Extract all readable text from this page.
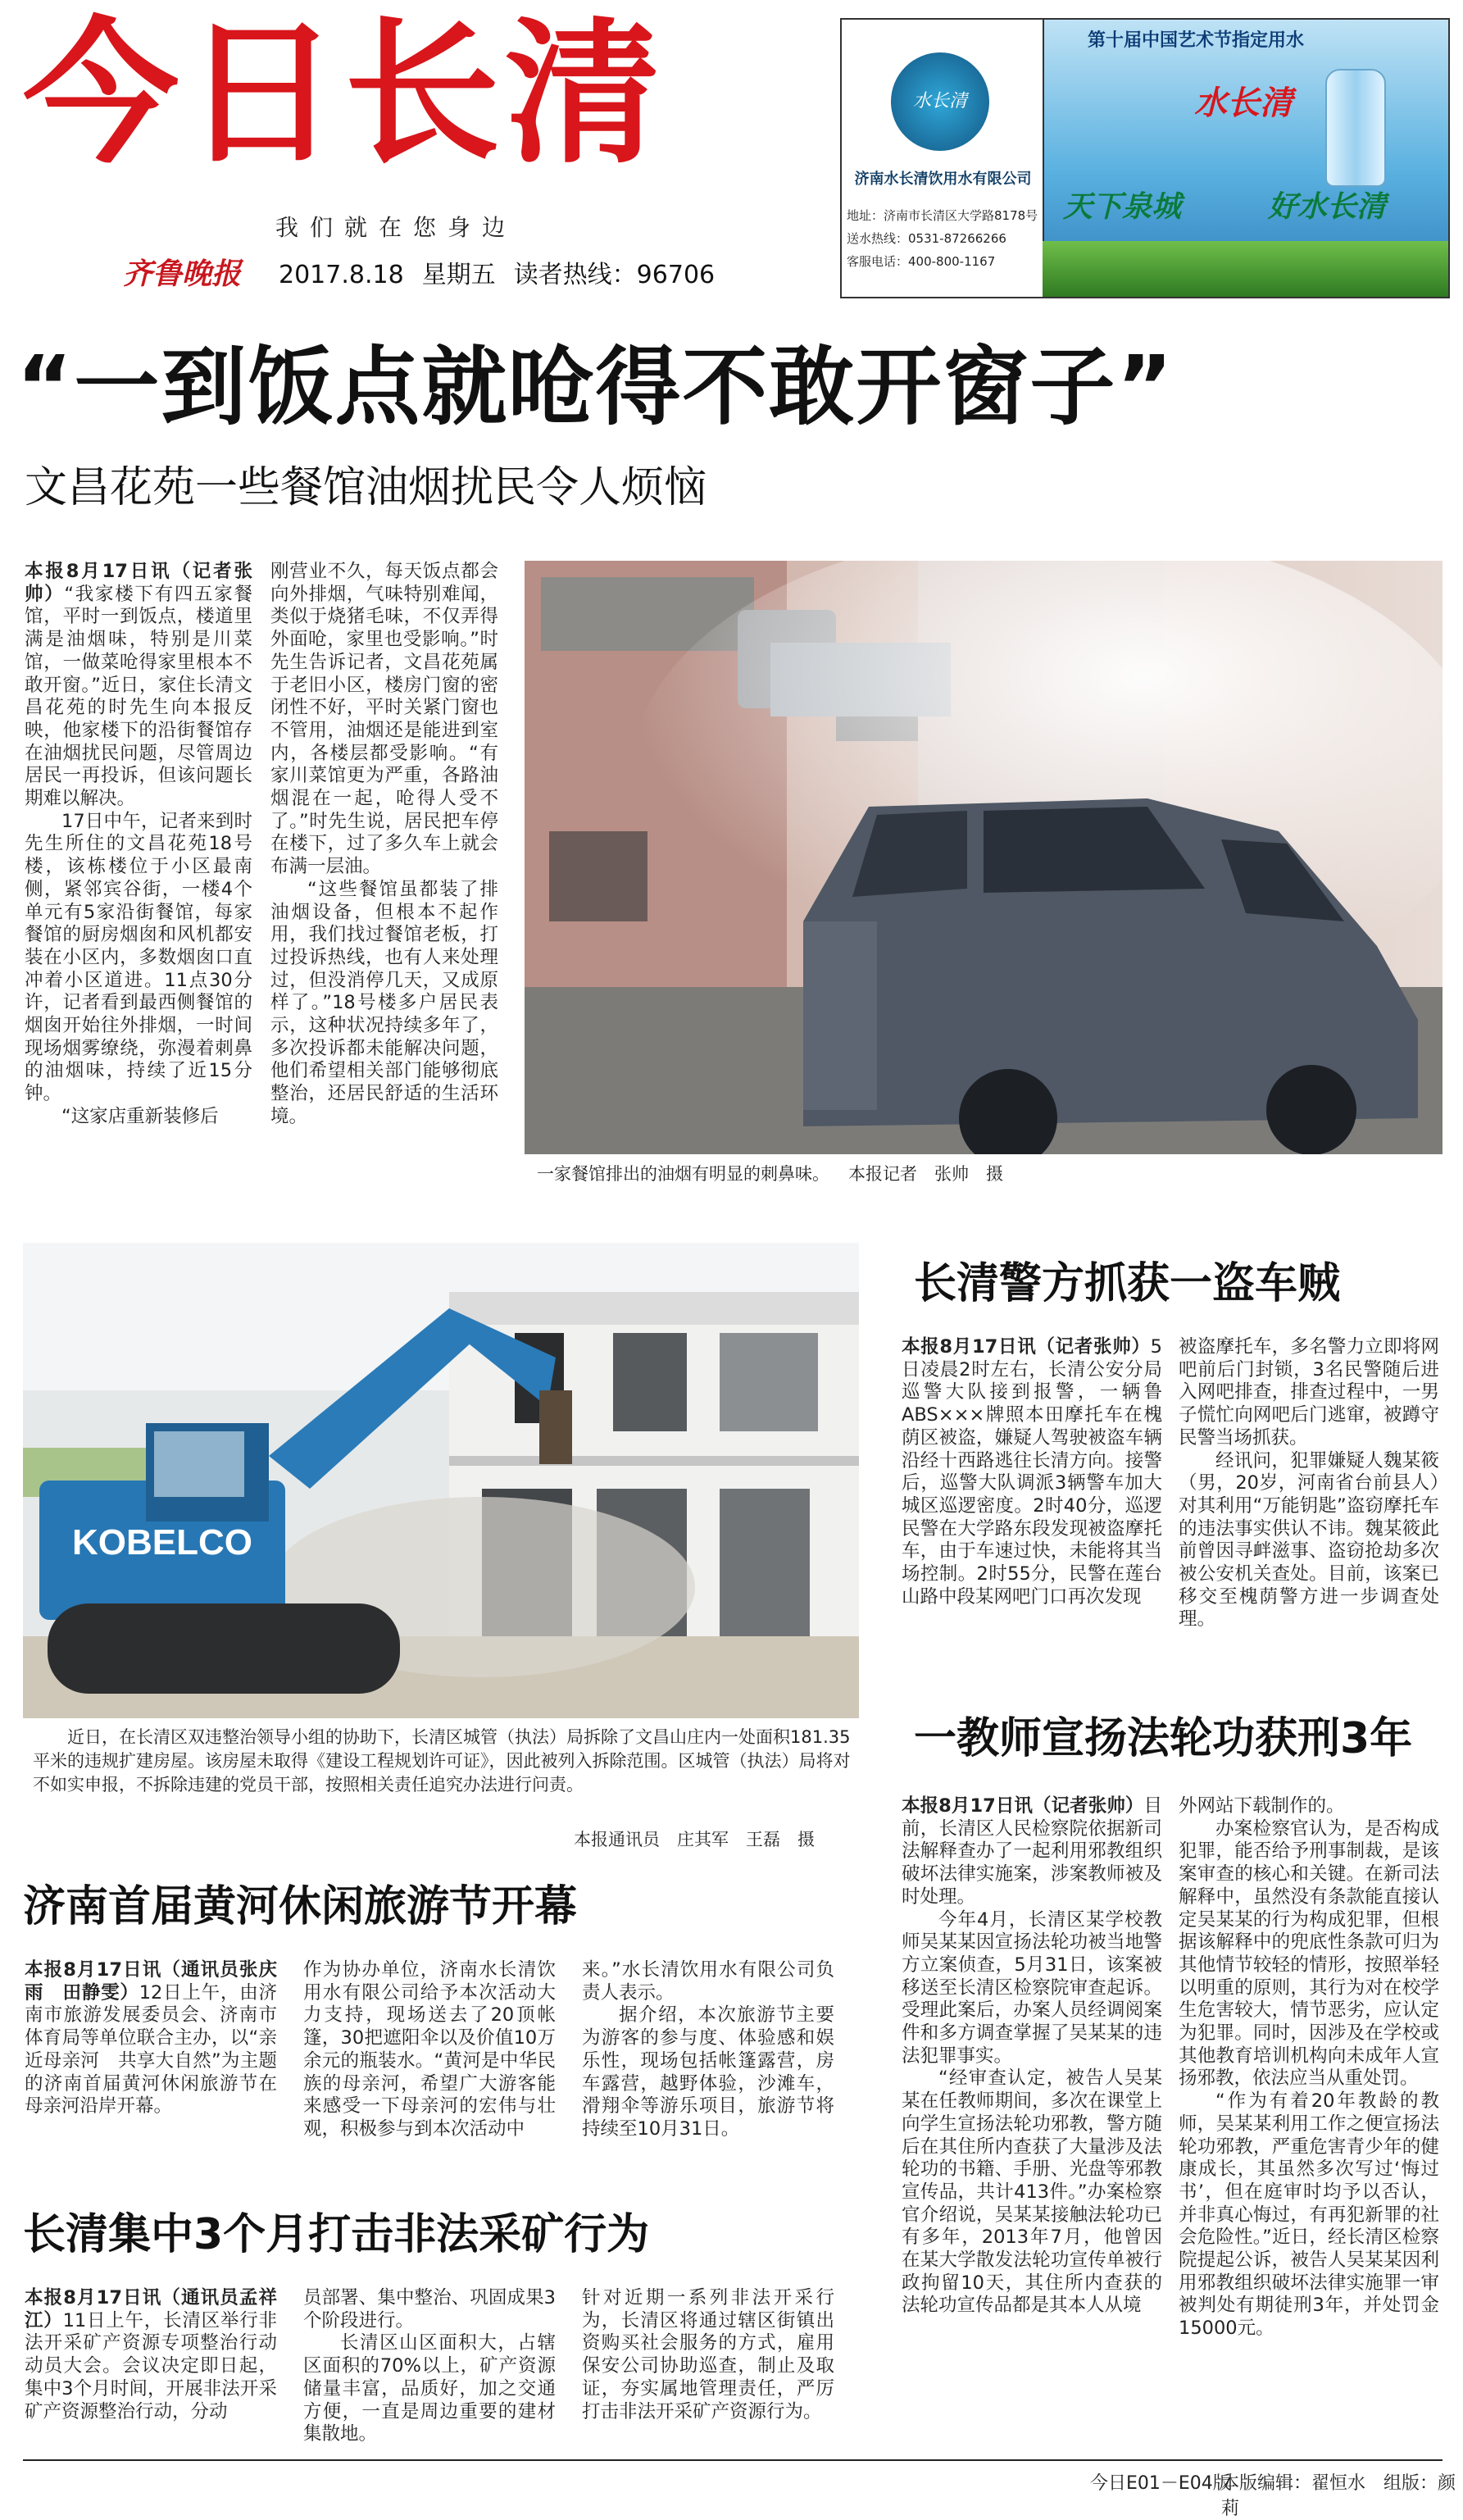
今日长清
我们就在您身边
齐鲁晚报 2017.8.18 星期五 读者热线：96706
水长清
济南水长清饮用水有限公司
地址：济南市长清区大学路8178号
送水热线：0531-87266266
客服电话：400-800-1167
第十届中国艺术节指定用水
水长清
天下泉城	好水长清
“一到饭点就呛得不敢开窗子”
文昌花苑一些餐馆油烟扰民令人烦恼

本报8月17日讯（记者张帅）“我家楼下有四五家餐馆，平时一到饭点，楼道里满是油烟味，特别是川菜馆，一做菜呛得家里根本不敢开窗。”近日，家住长清文昌花苑的时先生向本报反映，他家楼下的沿街餐馆存在油烟扰民问题，尽管周边居民一再投诉，但该问题长期难以解决。

17日中午，记者来到时先生所住的文昌花苑18号楼，该栋楼位于小区最南侧，紧邻宾谷街，一楼4个单元有5家沿街餐馆，每家餐馆的厨房烟囱和风机都安装在小区内，多数烟囱口直冲着小区道进。11点30分许，记者看到最西侧餐馆的烟囱开始往外排烟，一时间现场烟雾缭绕，弥漫着刺鼻的油烟味，持续了近15分钟。

“这家店重新装修后

刚营业不久，每天饭点都会向外排烟，气味特别难闻，类似于烧猪毛味，不仅弄得外面呛，家里也受影响。”时先生告诉记者，文昌花苑属于老旧小区，楼房门窗的密闭性不好，平时关紧门窗也不管用，油烟还是能进到室内，各楼层都受影响。“有家川菜馆更为严重，各路油烟混在一起，呛得人受不了。”时先生说，居民把车停在楼下，过了多久车上就会布满一层油。

“这些餐馆虽都装了排油烟设备，但根本不起作用，我们找过餐馆老板，打过投诉热线，也有人来处理过，但没消停几天，又成原样了。”18号楼多户居民表示，这种状况持续多年了，多次投诉都未能解决问题，他们希望相关部门能够彻底整治，还居民舒适的生活环境。

一家餐馆排出的油烟有明显的刺鼻味。 本报记者　张帅　摄
KOBELCO
近日，在长清区双违整治领导小组的协助下，长清区城管（执法）局拆除了文昌山庄内一处面积181.35平米的违规扩建房屋。该房屋未取得《建设工程规划许可证》，因此被列入拆除范围。区城管（执法）局将对不如实申报，不拆除违建的党员干部，按照相关责任追究办法进行问责。
本报通讯员　庄其军　王磊　摄
长清警方抓获一盗车贼

本报8月17日讯（记者张帅）5日凌晨2时左右，长清公安分局巡警大队接到报警，一辆鲁ABS×××牌照本田摩托车在槐荫区被盗，嫌疑人驾驶被盗车辆沿经十西路逃往长清方向。接警后，巡警大队调派3辆警车加大城区巡逻密度。2时40分，巡逻民警在大学路东段发现被盗摩托车，由于车速过快，未能将其当场控制。2时55分，民警在莲台山路中段某网吧门口再次发现

被盗摩托车，多名警力立即将网吧前后门封锁，3名民警随后进入网吧排查，排查过程中，一男子慌忙向网吧后门逃窜，被蹲守民警当场抓获。

经讯问，犯罪嫌疑人魏某筱（男，20岁，河南省台前县人）对其利用“万能钥匙”盗窃摩托车的违法事实供认不讳。魏某筱此前曾因寻衅滋事、盗窃抢劫多次被公安机关查处。目前，该案已移交至槐荫警方进一步调查处理。

一教师宣扬法轮功获刑3年

本报8月17日讯（记者张帅）目前，长清区人民检察院依据新司法解释查办了一起利用邪教组织破坏法律实施案，涉案教师被及时处理。

今年4月，长清区某学校教师吴某某因宣扬法轮功被当地警方立案侦查，5月31日，该案被移送至长清区检察院审查起诉。受理此案后，办案人员经调阅案件和多方调查掌握了吴某某的违法犯罪事实。

“经审查认定，被告人吴某某在任教师期间，多次在课堂上向学生宣扬法轮功邪教，警方随后在其住所内查获了大量涉及法轮功的书籍、手册、光盘等邪教宣传品，共计413件。”办案检察官介绍说，吴某某接触法轮功已有多年，2013年7月，他曾因在某大学散发法轮功宣传单被行政拘留10天，其住所内查获的法轮功宣传品都是其本人从境

外网站下载制作的。

办案检察官认为，是否构成犯罪，能否给予刑事制裁，是该案审查的核心和关键。在新司法解释中，虽然没有条款能直接认定吴某某的行为构成犯罪，但根据该解释中的兜底性条款可归为其他情节较轻的情形，按照举轻以明重的原则，其行为对在校学生危害较大，情节恶劣，应认定为犯罪。同时，因涉及在学校或其他教育培训机构向未成年人宣扬邪教，依法应当从重处罚。

“作为有着20年教龄的教师，吴某某利用工作之便宣扬法轮功邪教，严重危害青少年的健康成长，其虽然多次写过‘悔过书’，但在庭审时均予以否认，并非真心悔过，有再犯新罪的社会危险性。”近日，经长清区检察院提起公诉，被告人吴某某因利用邪教组织破坏法律实施罪一审被判处有期徒刑3年，并处罚金15000元。

济南首届黄河休闲旅游节开幕

本报8月17日讯（通讯员张庆雨　田静雯）12日上午，由济南市旅游发展委员会、济南市体育局等单位联合主办，以“亲近母亲河　共享大自然”为主题的济南首届黄河休闲旅游节在母亲河沿岸开幕。

作为协办单位，济南水长清饮用水有限公司给予本次活动大力支持，现场送去了20顶帐篷，30把遮阳伞以及价值10万余元的瓶装水。“黄河是中华民族的母亲河，希望广大游客能来感受一下母亲河的宏伟与壮观，积极参与到本次活动中

来。”水长清饮用水有限公司负责人表示。

据介绍，本次旅游节主要为游客的参与度、体验感和娱乐性，现场包括帐篷露营，房车露营，越野体验，沙滩车，滑翔伞等游乐项目，旅游节将持续至10月31日。

长清集中3个月打击非法采矿行为

本报8月17日讯（通讯员孟祥江）11日上午，长清区举行非法开采矿产资源专项整治行动动员大会。会议决定即日起，集中3个月时间，开展非法开采矿产资源整治行动，分动

员部署、集中整治、巩固成果3个阶段进行。

长清区山区面积大，占辖区面积的70%以上，矿产资源储量丰富，品质好，加之交通方便，一直是周边重要的建材集散地。

针对近期一系列非法开采行为，长清区将通过辖区街镇出资购买社会服务的方式，雇用保安公司协助巡查，制止及取证，夯实属地管理责任，严厉打击非法开采矿产资源行为。

今日E01－E04版
本版编辑：翟恒水　组版：颜莉
